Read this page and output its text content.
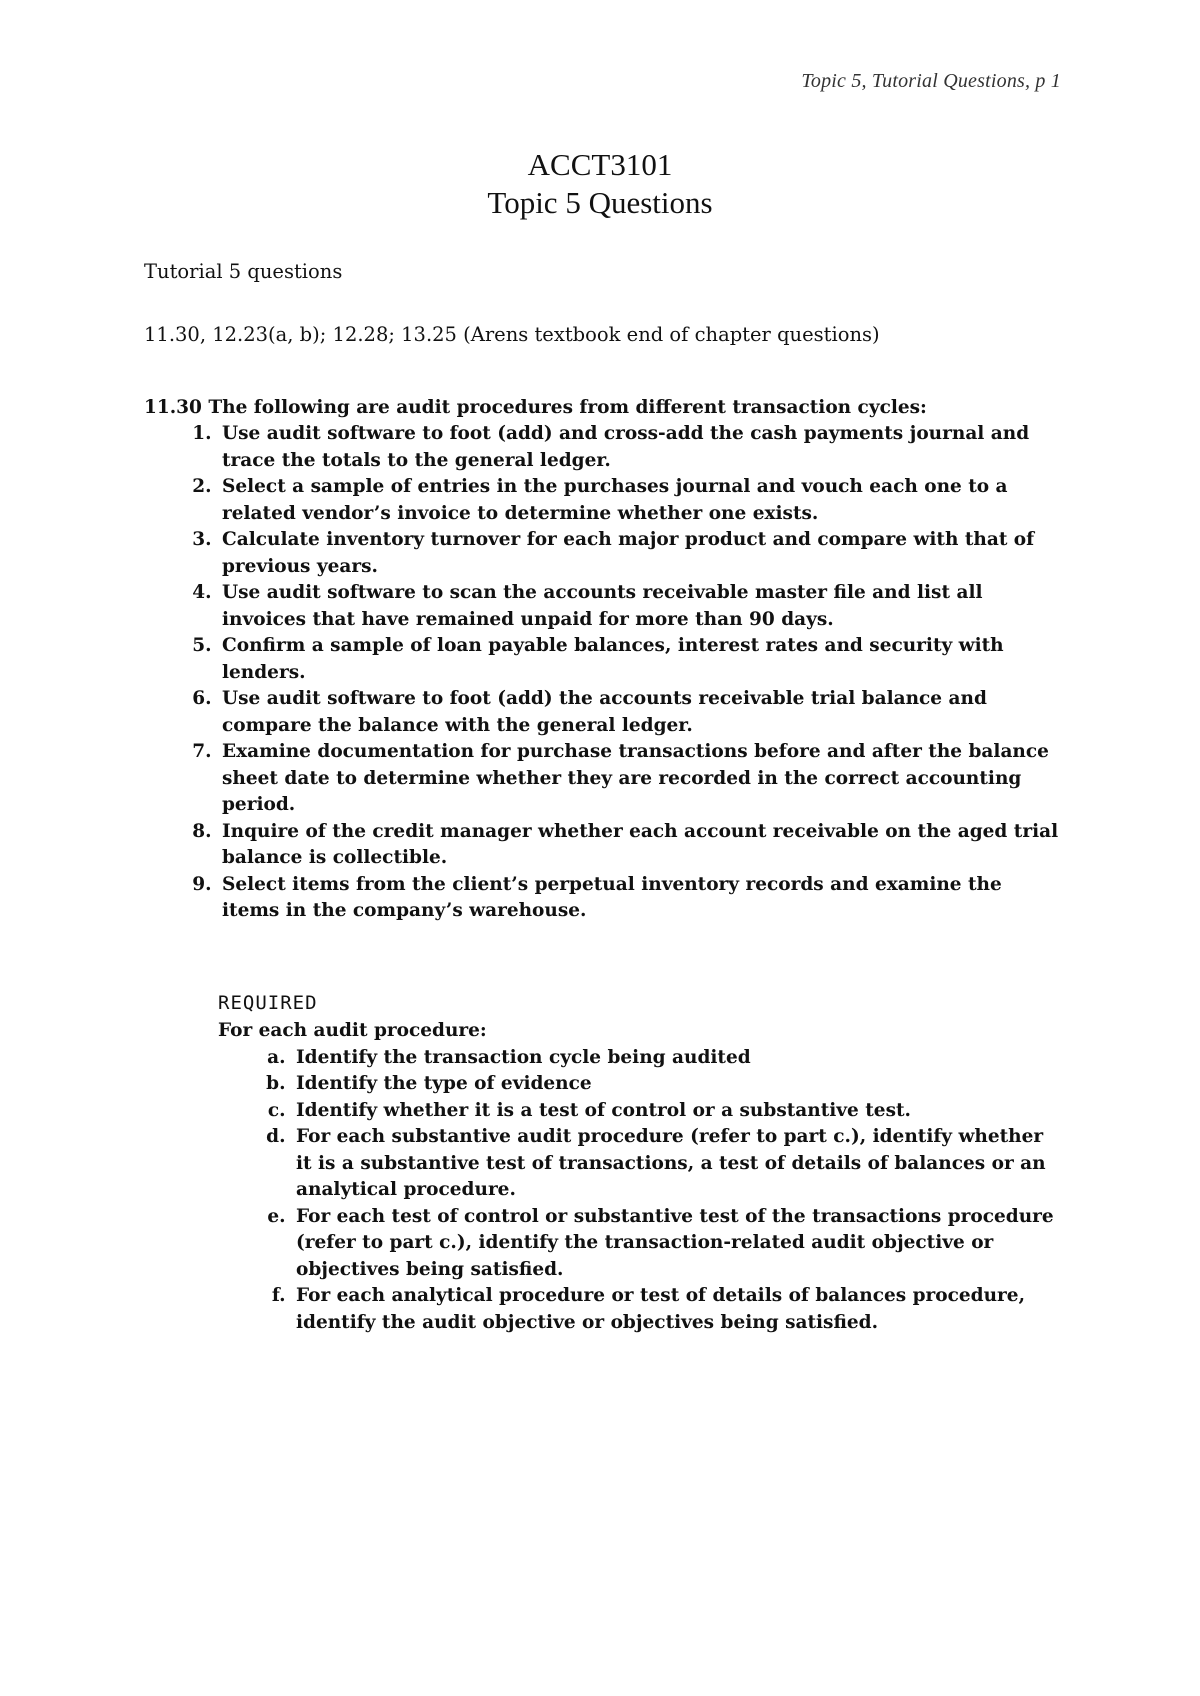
Topic 5, Tutorial Questions, p 1
ACCT3101
Topic 5 Questions

Tutorial 5 questions

11.30, 12.23(a, b); 12.28; 13.25 (Arens textbook end of chapter questions)

11.30 The following are audit procedures from different transaction cycles:

1. Use audit software to foot (add) and cross-add the cash payments journal and trace the totals to the general ledger.
2. Select a sample of entries in the purchases journal and vouch each one to a related vendor’s invoice to determine whether one exists.
3. Calculate inventory turnover for each major product and compare with that of previous years.
4. Use audit software to scan the accounts receivable master file and list all invoices that have remained unpaid for more than 90 days.
5. Confirm a sample of loan payable balances, interest rates and security with lenders.
6. Use audit software to foot (add) the accounts receivable trial balance and compare the balance with the general ledger.
7. Examine documentation for purchase transactions before and after the balance sheet date to determine whether they are recorded in the correct accounting period.
8. Inquire of the credit manager whether each account receivable on the aged trial balance is collectible.
9. Select items from the client’s perpetual inventory records and examine the items in the company’s warehouse.

REQUIRED

For each audit procedure:

a. Identify the transaction cycle being audited
b. Identify the type of evidence
c. Identify whether it is a test of control or a substantive test.
d. For each substantive audit procedure (refer to part c.), identify whether it is a substantive test of transactions, a test of details of balances or an analytical procedure.
e. For each test of control or substantive test of the transactions procedure (refer to part c.), identify the transaction-related audit objective or objectives being satisfied.
f. For each analytical procedure or test of details of balances procedure, identify the audit objective or objectives being satisfied.
